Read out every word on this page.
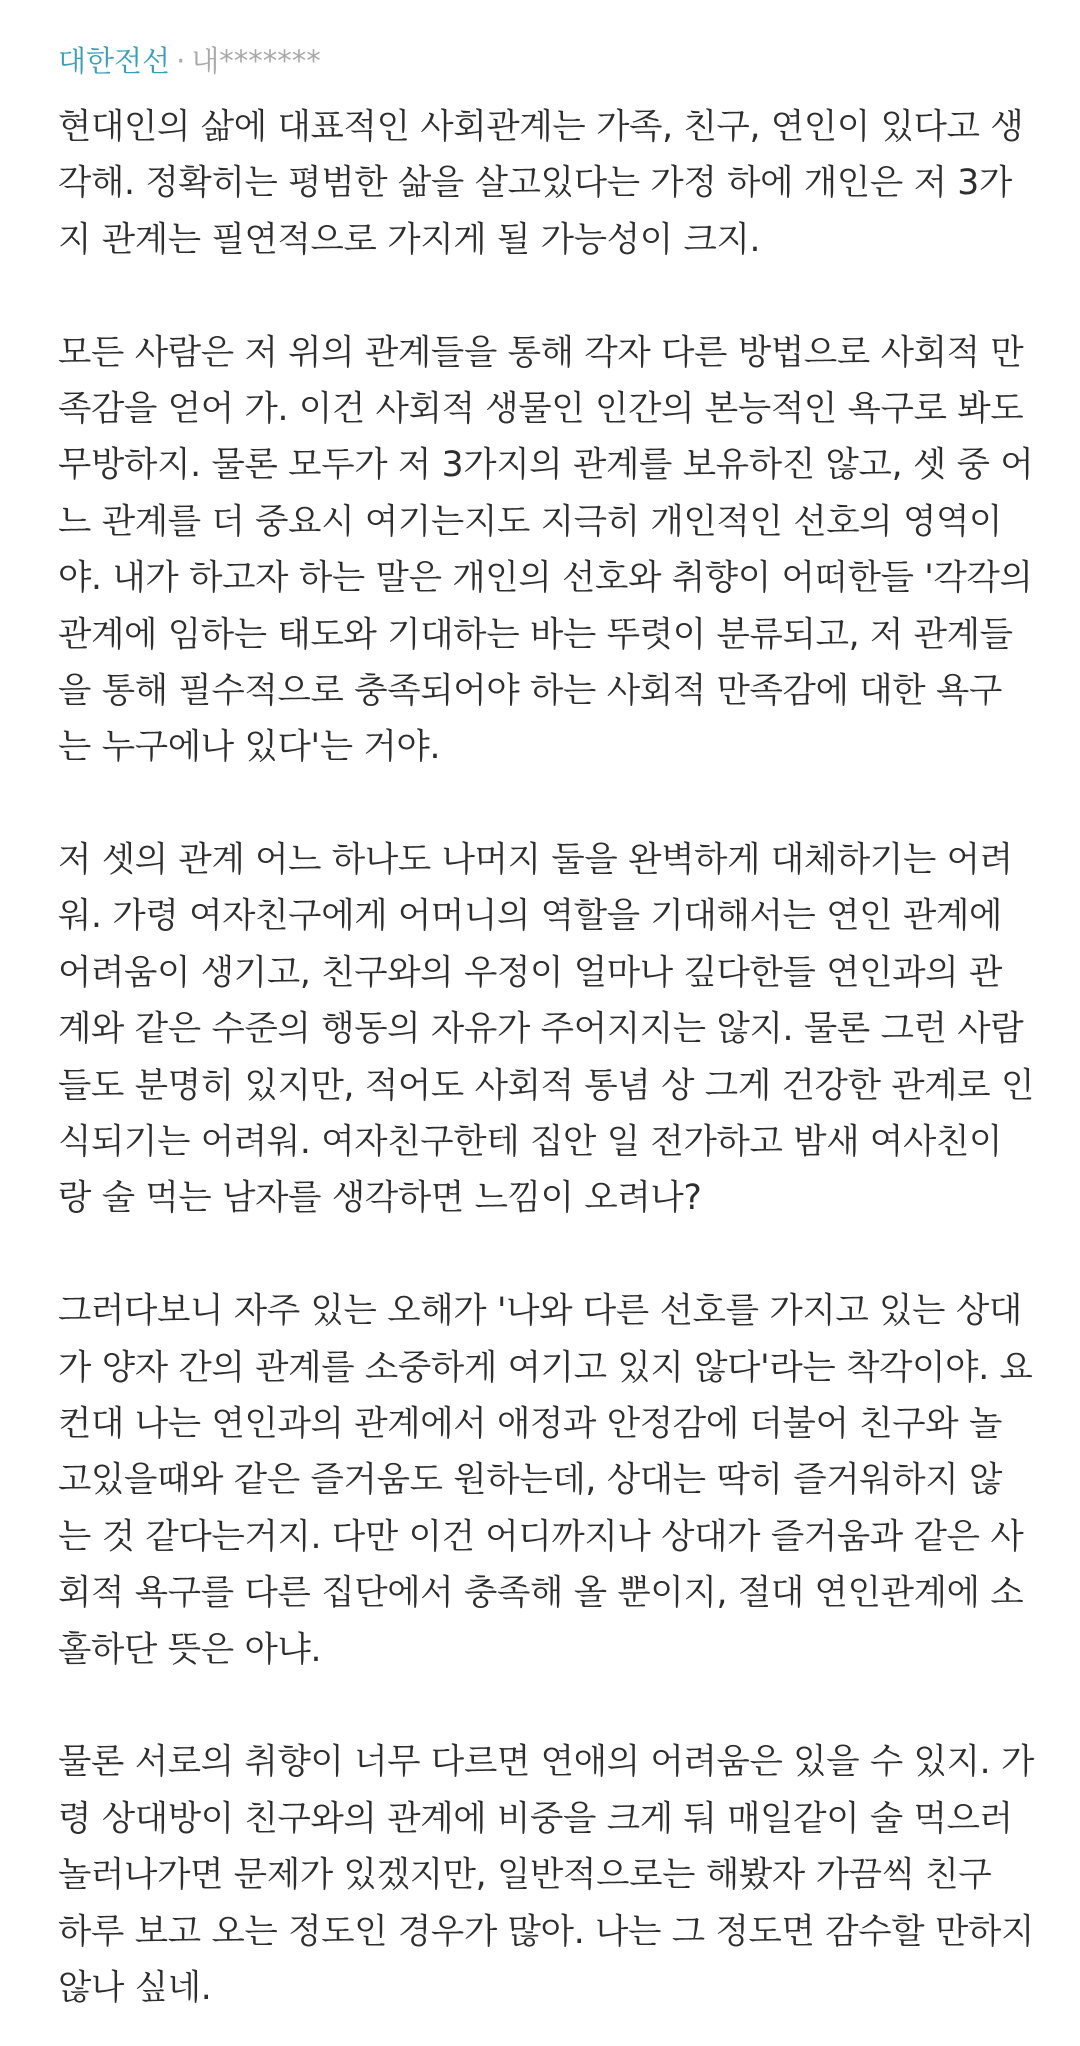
대한전선 · 내*******
현대인의 삶에 대표적인 사회관계는 가족, 친구, 연인이 있다고 생
각해. 정확히는 평범한 삶을 살고있다는 가정 하에 개인은 저 3가
지 관계는 필연적으로 가지게 될 가능성이 크지.
모든 사람은 저 위의 관계들을 통해 각자 다른 방법으로 사회적 만
족감을 얻어 가. 이건 사회적 생물인 인간의 본능적인 욕구로 봐도
무방하지. 물론 모두가 저 3가지의 관계를 보유하진 않고, 셋 중 어
느 관계를 더 중요시 여기는지도 지극히 개인적인 선호의 영역이
야. 내가 하고자 하는 말은 개인의 선호와 취향이 어떠한들 '각각의
관계에 임하는 태도와 기대하는 바는 뚜렷이 분류되고, 저 관계들
을 통해 필수적으로 충족되어야 하는 사회적 만족감에 대한 욕구
는 누구에나 있다'는 거야.
저 셋의 관계 어느 하나도 나머지 둘을 완벽하게 대체하기는 어려
워. 가령 여자친구에게 어머니의 역할을 기대해서는 연인 관계에
어려움이 생기고, 친구와의 우정이 얼마나 깊다한들 연인과의 관
계와 같은 수준의 행동의 자유가 주어지지는 않지. 물론 그런 사람
들도 분명히 있지만, 적어도 사회적 통념 상 그게 건강한 관계로 인
식되기는 어려워. 여자친구한테 집안 일 전가하고 밤새 여사친이
랑 술 먹는 남자를 생각하면 느낌이 오려나?
그러다보니 자주 있는 오해가 '나와 다른 선호를 가지고 있는 상대
가 양자 간의 관계를 소중하게 여기고 있지 않다'라는 착각이야. 요
컨대 나는 연인과의 관계에서 애정과 안정감에 더불어 친구와 놀
고있을때와 같은 즐거움도 원하는데, 상대는 딱히 즐거워하지 않
는 것 같다는거지. 다만 이건 어디까지나 상대가 즐거움과 같은 사
회적 욕구를 다른 집단에서 충족해 올 뿐이지, 절대 연인관계에 소
홀하단 뜻은 아냐.
물론 서로의 취향이 너무 다르면 연애의 어려움은 있을 수 있지. 가
령 상대방이 친구와의 관계에 비중을 크게 둬 매일같이 술 먹으러
놀러나가면 문제가 있겠지만, 일반적으로는 해봤자 가끔씩 친구
하루 보고 오는 정도인 경우가 많아. 나는 그 정도면 감수할 만하지
않나 싶네.
